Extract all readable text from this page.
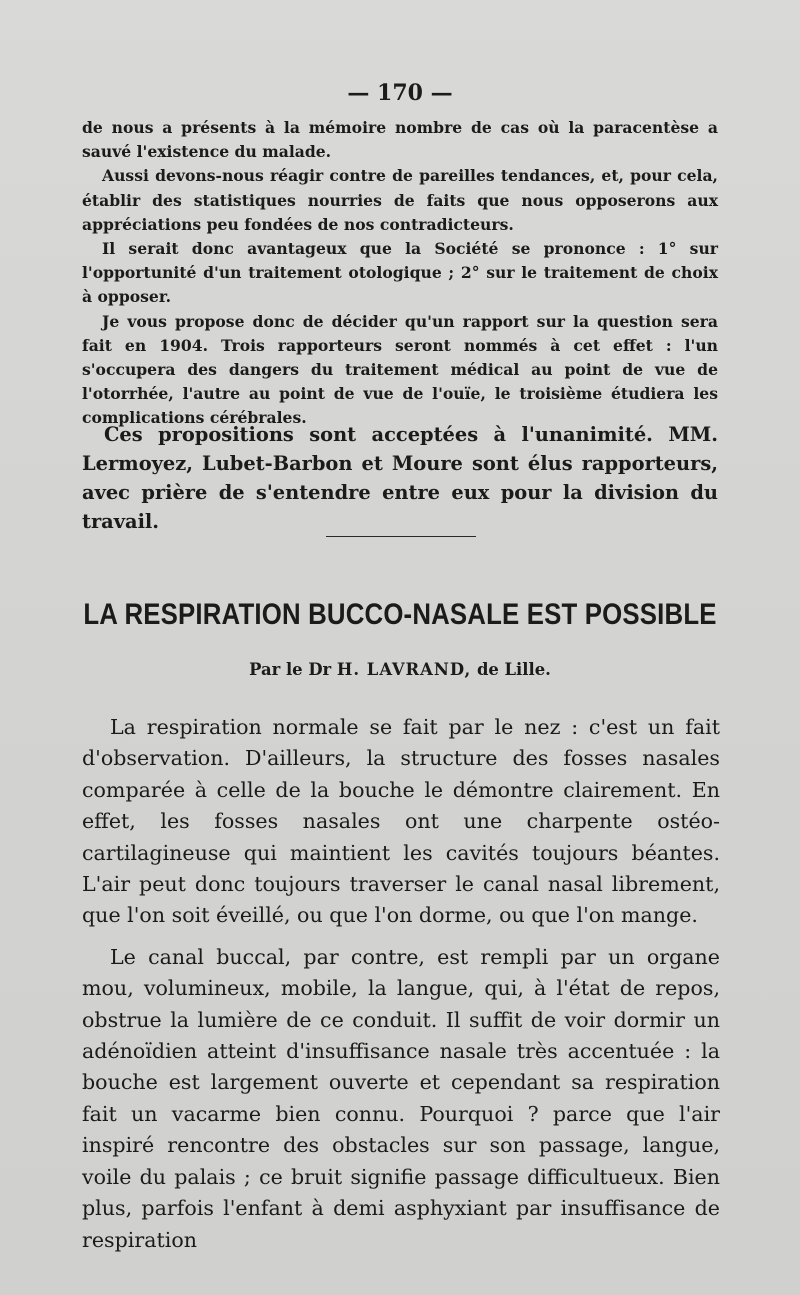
— 170 —

de nous a présents à la mémoire nombre de cas où la paracentèse a sauvé l'existence du malade.

Aussi devons-nous réagir contre de pareilles tendances, et, pour cela, établir des statistiques nourries de faits que nous opposerons aux appréciations peu fondées de nos contradicteurs.

Il serait donc avantageux que la Société se prononce : 1° sur l'opportunité d'un traitement otologique ; 2° sur le traitement de choix à opposer.

Je vous propose donc de décider qu'un rapport sur la question sera fait en 1904. Trois rapporteurs seront nommés à cet effet : l'un s'occupera des dangers du traitement médical au point de vue de l'otorrhée, l'autre au point de vue de l'ouïe, le troisième étudiera les complications cérébrales.

Ces propositions sont acceptées à l'unanimité. MM. Lermoyez, Lubet-Barbon et Moure sont élus rapporteurs, avec prière de s'entendre entre eux pour la division du travail.

LA RESPIRATION BUCCO-NASALE EST POSSIBLE
Par le Dr H. LAVRAND, de Lille.

La respiration normale se fait par le nez : c'est un fait d'observation. D'ailleurs, la structure des fosses nasales comparée à celle de la bouche le démontre clairement. En effet, les fosses nasales ont une charpente ostéo-cartilagineuse qui maintient les cavités toujours béantes. L'air peut donc toujours traverser le canal nasal librement, que l'on soit éveillé, ou que l'on dorme, ou que l'on mange.

Le canal buccal, par contre, est rempli par un organe mou, volumineux, mobile, la langue, qui, à l'état de repos, obstrue la lumière de ce conduit. Il suffit de voir dormir un adénoïdien atteint d'insuffisance nasale très accentuée : la bouche est largement ouverte et cependant sa respiration fait un vacarme bien connu. Pourquoi ? parce que l'air inspiré rencontre des obstacles sur son passage, langue, voile du palais ; ce bruit signifie passage difficultueux. Bien plus, parfois l'enfant à demi asphyxiant par insuffisance de respiration
